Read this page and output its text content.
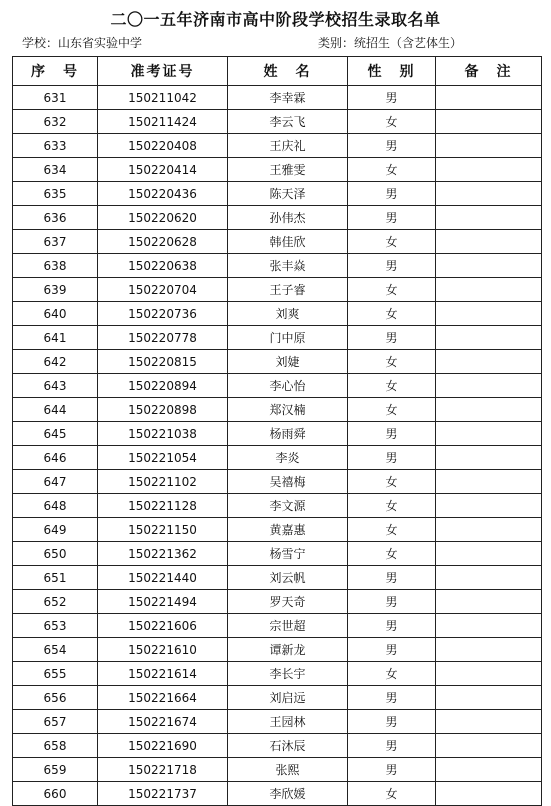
二〇一五年济南市高中阶段学校招生录取名单
学校：山东省实验中学	类别：统招生（含艺体生）
序　号	准考证号	姓　名	性　别	备　注
631	150211042	李幸霖	男	
632	150211424	李云飞	女	
633	150220408	王庆礼	男	
634	150220414	王雅雯	女	
635	150220436	陈天泽	男	
636	150220620	孙伟杰	男	
637	150220628	韩佳欣	女	
638	150220638	张丰焱	男	
639	150220704	王子睿	女	
640	150220736	刘爽	女	
641	150220778	门中原	男	
642	150220815	刘婕	女	
643	150220894	李心怡	女	
644	150220898	郑汉楠	女	
645	150221038	杨雨舜	男	
646	150221054	李炎	男	
647	150221102	吴禧梅	女	
648	150221128	李文源	女	
649	150221150	黄嘉惠	女	
650	150221362	杨雪宁	女	
651	150221440	刘云帆	男	
652	150221494	罗天奇	男	
653	150221606	宗世超	男	
654	150221610	谭新龙	男	
655	150221614	李长宇	女	
656	150221664	刘启远	男	
657	150221674	王园林	男	
658	150221690	石沐辰	男	
659	150221718	张熙	男	
660	150221737	李欣媛	女	
